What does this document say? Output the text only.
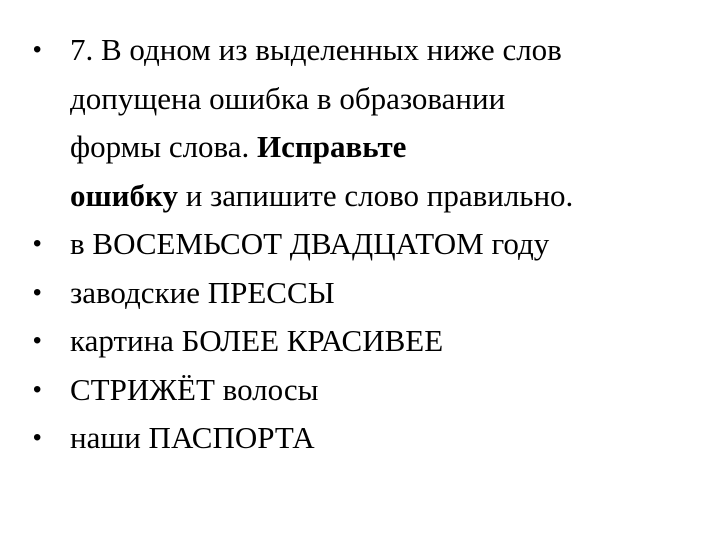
• 7. В одном из выделенных ниже слов
допущена ошибка в образовании
формы слова. Исправьте
ошибку и запишите слово правильно.
• в ВОСЕМЬСОТ ДВАДЦАТОМ году
• заводские ПРЕССЫ
• картина БОЛЕЕ КРАСИВЕЕ
• СТРИЖЁТ волосы
• наши ПАСПОРТА
